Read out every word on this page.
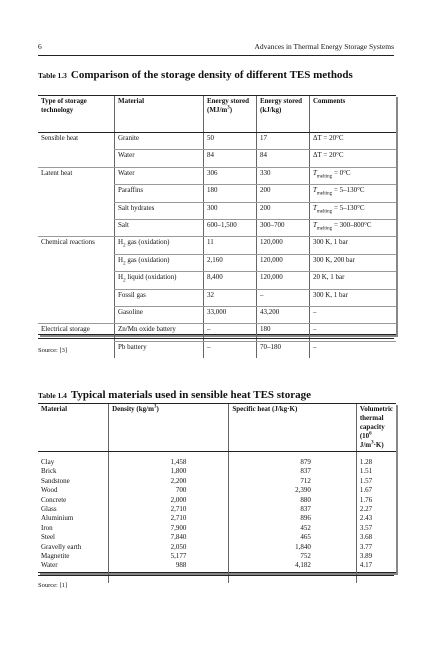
6	Advances in Thermal Energy Storage Systems
Table 1.3 Comparison of the storage density of different TES methods
Type of storage technology	Material	Energy stored $(MJ/m^3)$	Energy stored (kJ/kg)	Comments
Sensible heat	Granite	50	17	ΔT = 20°C
	Water	84	84	ΔT = 20°C
Latent heat	Water	306	330	$T_{melting} = 0^\circ C$
	Paraffins	180	200	$T_{melting} = 5-130^\circ C$
	Salt hydrates	300	200	$T_{melting} = 5-130^\circ C$
	Salt	600–1,500	300–700	$T_{melting} = 300-800^\circ C$
Chemical reactions	$H_2$ gas (oxidation)	11	120,000	300 K, 1 bar
	$H_2$ gas (oxidation)	2,160	120,000	300 K, 200 bar
	$H_2$ liquid (oxidation)	8,400	120,000	20 K, 1 bar
	Fossil gas	32	–	300 K, 1 bar
	Gasoline	33,000	43,200	–
Electrical storage	Zn/Mn oxide battery	–	180	–
	Pb battery	–	70–180	–
Source: [3]
Table 1.4 Typical materials used in sensible heat TES storage
Material	Density $(kg/m^3)$	Specific heat (J/kg·K)	Volumetric thermal capacity ($10^6$ $J/m^3\cdot K$)

Clay	1,458	879	1.28
Brick	1,800	837	1.51
Sandstone	2,200	712	1.57
Wood	700	2,390	1.67
Concrete	2,000	880	1.76
Glass	2,710	837	2.27
Aluminium	2,710	896	2.43
Iron	7,900	452	3.57
Steel	7,840	465	3.68
Gravelly earth	2,050	1,840	3.77
Magnetite	5,177	752	3.89
Water	988	4,182	4.17

Source: [1]
